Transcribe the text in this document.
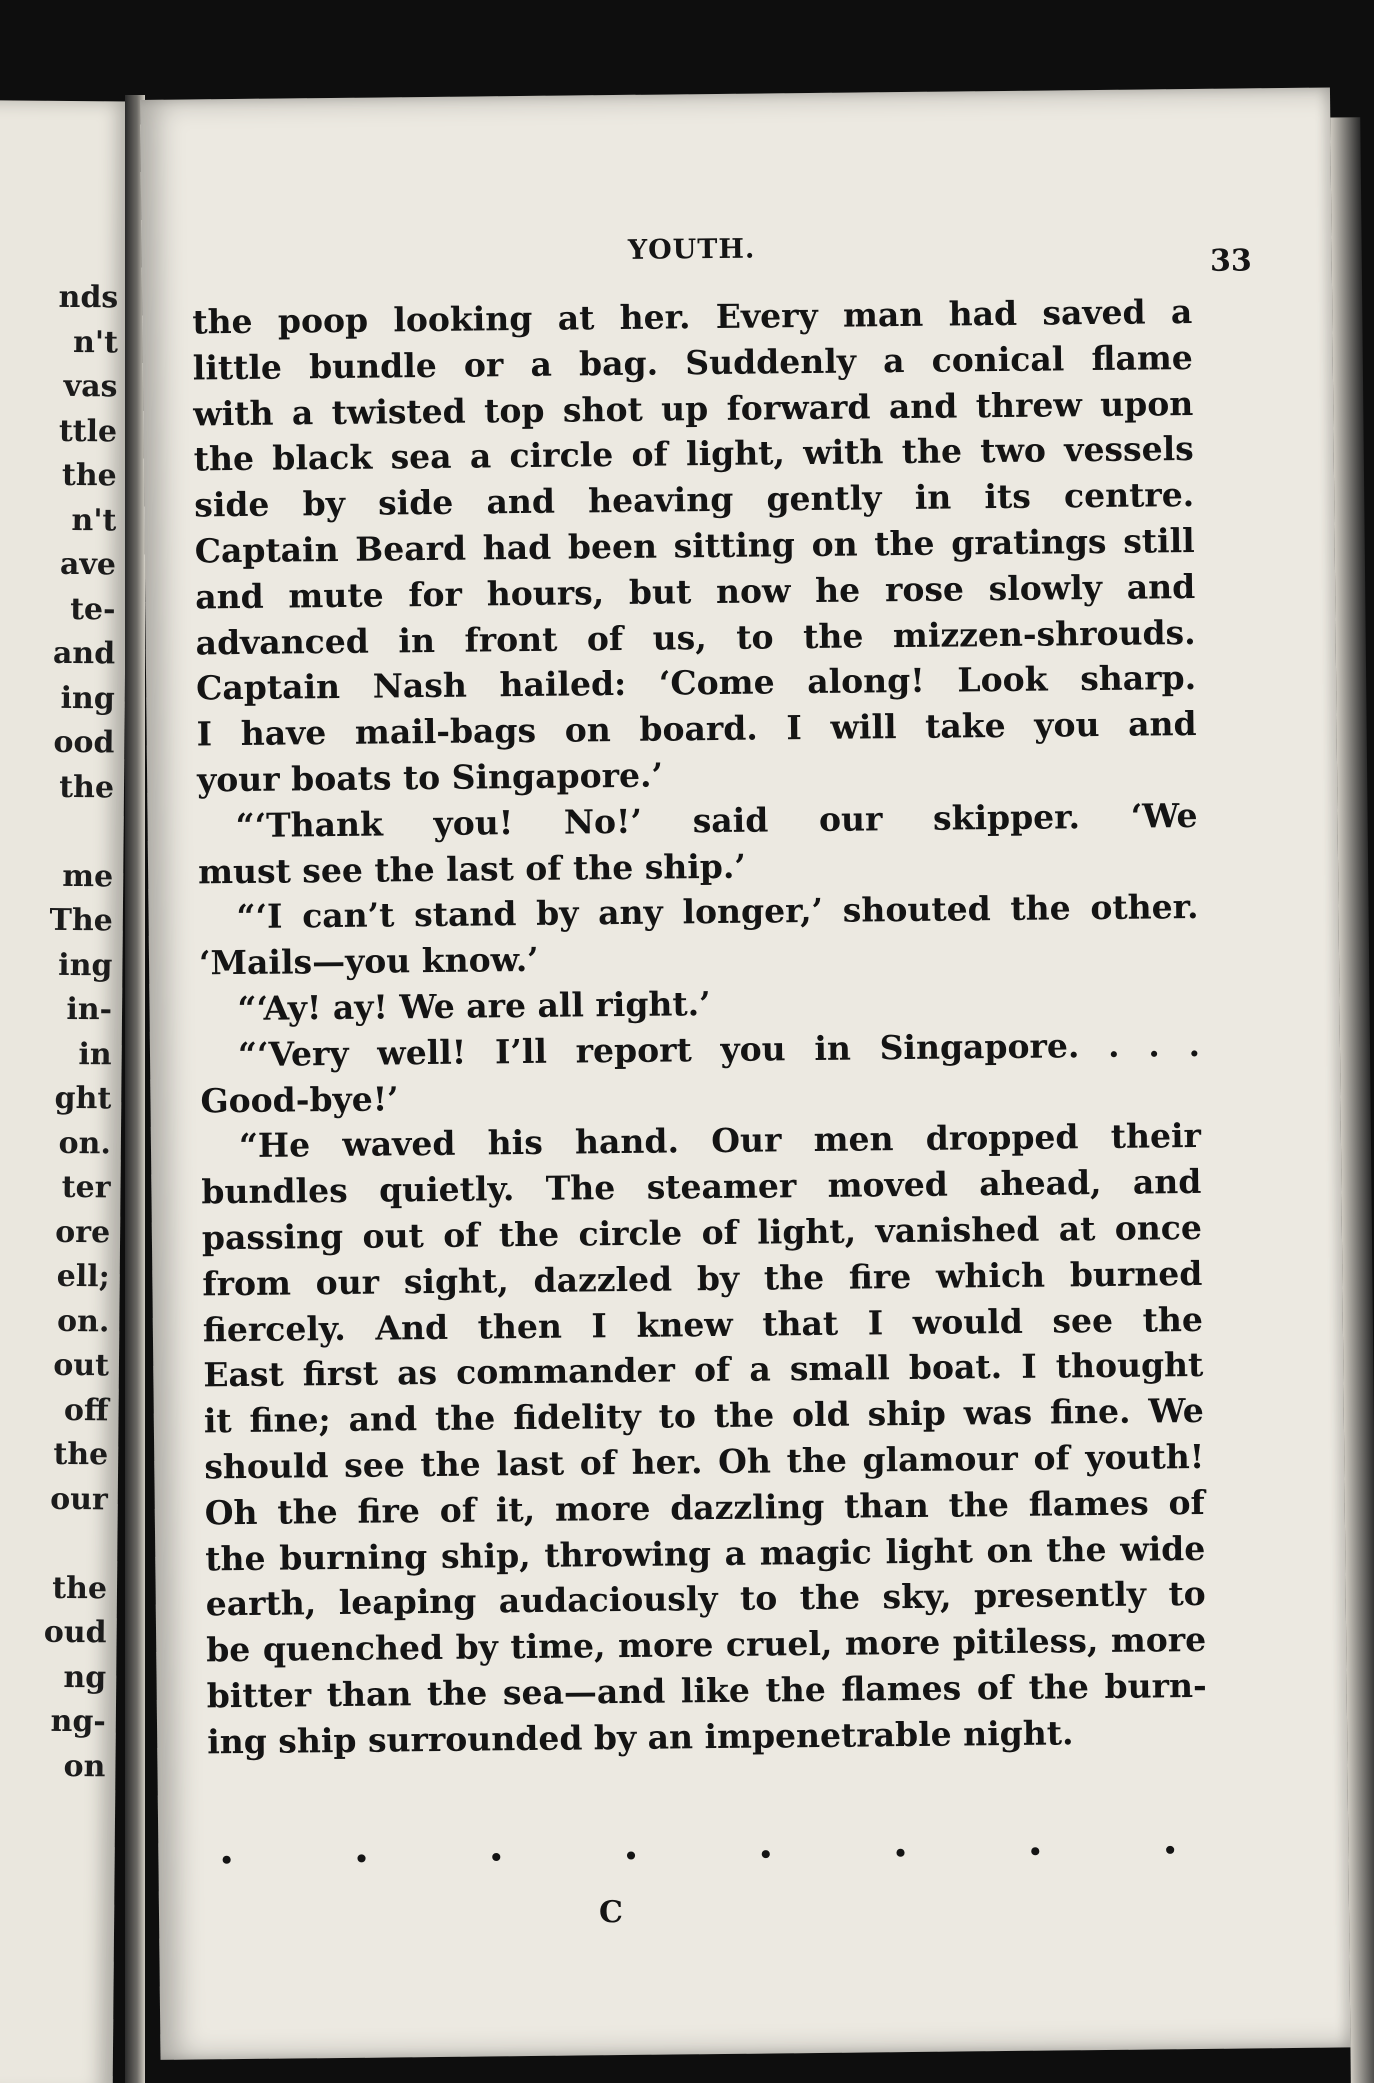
nds
n't
vas
ttle
the
n't
ave
te-
and
ing
ood
the
me
The
ing
in-
in
ght
on.
ter
ore
ell;
on.
out
off
the
our
the
oud
ng
ng-
on
YOUTH.	33
the poop looking at her. Every man had saved a
little bundle or a bag. Suddenly a conical flame
with a twisted top shot up forward and threw upon
the black sea a circle of light, with the two vessels
side by side and heaving gently in its centre.
Captain Beard had been sitting on the gratings still
and mute for hours, but now he rose slowly and
advanced in front of us, to the mizzen-shrouds.
Captain Nash hailed: ‘Come along! Look sharp.
I have mail-bags on board. I will take you and
your boats to Singapore.’
“‘Thank you! No!’ said our skipper. ‘We
must see the last of the ship.’
“‘I can’t stand by any longer,’ shouted the other.
‘Mails—you know.’
“‘Ay! ay! We are all right.’
“‘Very well! I’ll report you in Singapore. . . .
Good-bye!’
“He waved his hand. Our men dropped their
bundles quietly. The steamer moved ahead, and
passing out of the circle of light, vanished at once
from our sight, dazzled by the fire which burned
fiercely. And then I knew that I would see the
East first as commander of a small boat. I thought
it fine; and the fidelity to the old ship was fine. We
should see the last of her. Oh the glamour of youth!
Oh the fire of it, more dazzling than the flames of
the burning ship, throwing a magic light on the wide
earth, leaping audaciously to the sky, presently to
be quenched by time, more cruel, more pitiless, more
bitter than the sea—and like the flames of the burn-
ing ship surrounded by an impenetrable night.
•	•	•	•	•	•	•	•
C
